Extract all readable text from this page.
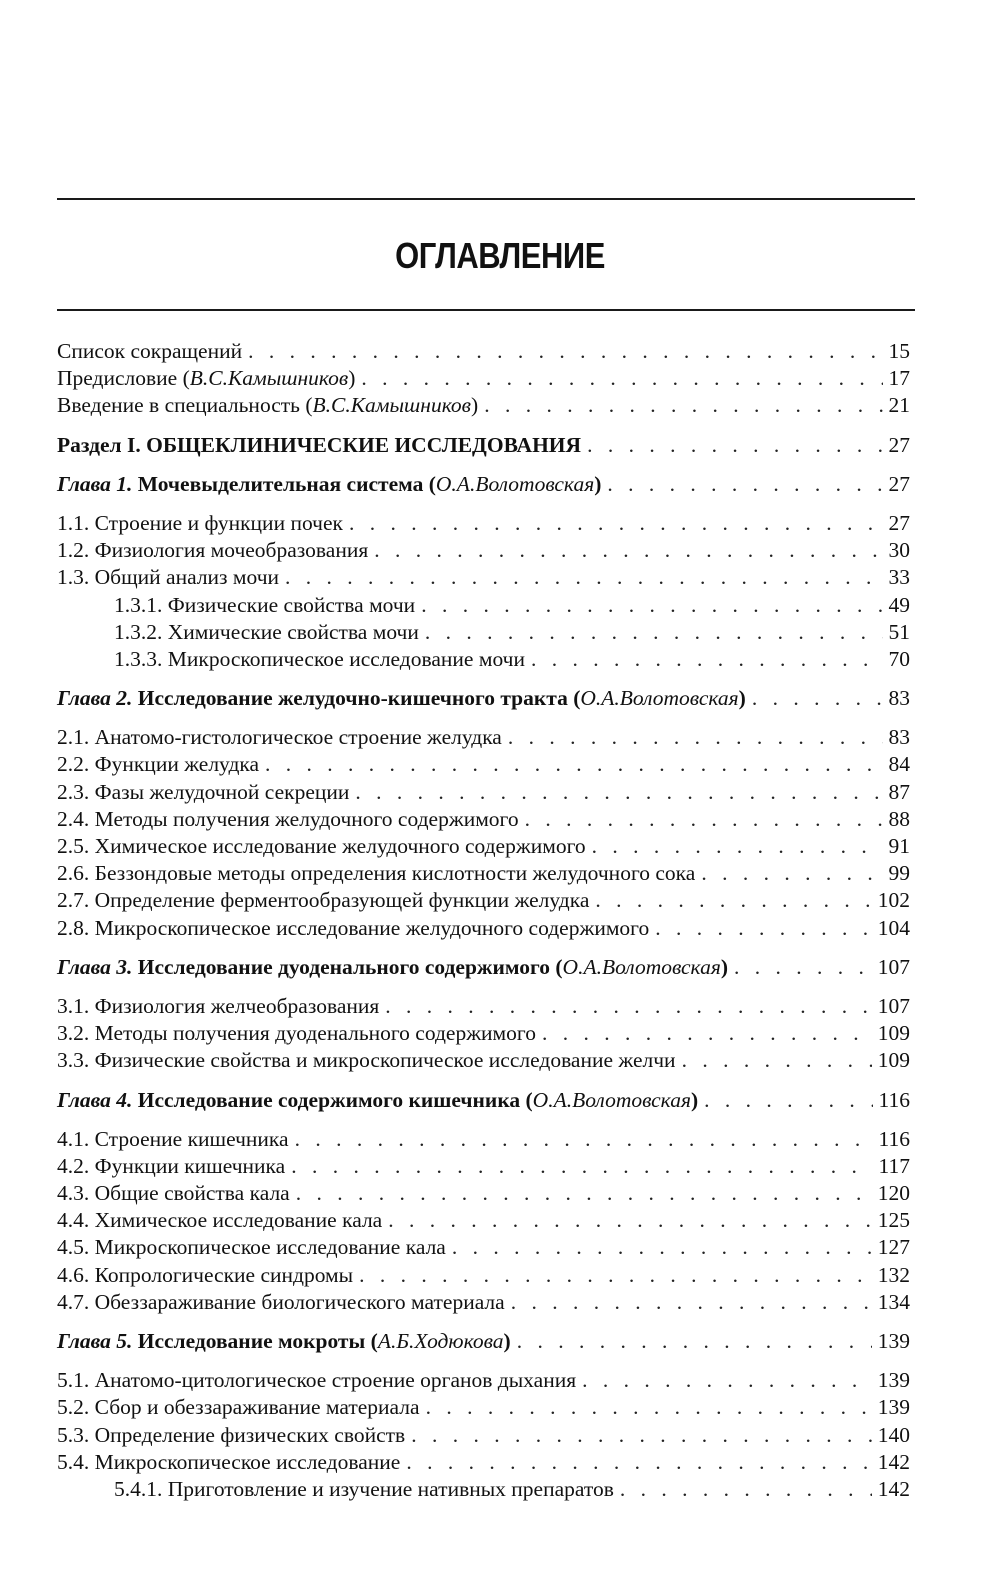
ОГЛАВЛЕНИЕ
Список сокращений . . .	15
Предисловие (В.С.Камышников) . . .	17
Введение в специальность (В.С.Камышников) . . .	21
Раздел I. ОБЩЕКЛИНИЧЕСКИЕ ИССЛЕДОВАНИЯ . . .	27
Глава 1. Мочевыделительная система (О.А.Волотовская) . . .	27
1.1. Строение и функции почек . . .	27
1.2. Физиология мочеобразования . . .	30
1.3. Общий анализ мочи . . .	33
1.3.1. Физические свойства мочи . . .	49
1.3.2. Химические свойства мочи . . .	51
1.3.3. Микроскопическое исследование мочи . . .	70
Глава 2. Исследование желудочно-кишечного тракта (О.А.Волотовская) . . .	83
2.1. Анатомо-гистологическое строение желудка . . .	83
2.2. Функции желудка . . .	84
2.3. Фазы желудочной секреции . . .	87
2.4. Методы получения желудочного содержимого . . .	88
2.5. Химическое исследование желудочного содержимого . . .	91
2.6. Беззондовые методы определения кислотности желудочного сока . . .	99
2.7. Определение ферментообразующей функции желудка . . .	102
2.8. Микроскопическое исследование желудочного содержимого . . .	104
Глава 3. Исследование дуоденального содержимого (О.А.Волотовская) . . .	107
3.1. Физиология желчеобразования . . .	107
3.2. Методы получения дуоденального содержимого . . .	109
3.3. Физические свойства и микроскопическое исследование желчи . . .	109
Глава 4. Исследование содержимого кишечника (О.А.Волотовская) . . .	116
4.1. Строение кишечника . . .	116
4.2. Функции кишечника . . .	117
4.3. Общие свойства кала . . .	120
4.4. Химическое исследование кала . . .	125
4.5. Микроскопическое исследование кала . . .	127
4.6. Копрологические синдромы . . .	132
4.7. Обеззараживание биологического материала . . .	134
Глава 5. Исследование мокроты (А.Б.Ходюкова) . . .	139
5.1. Анатомо-цитологическое строение органов дыхания . . .	139
5.2. Сбор и обеззараживание материала . . .	139
5.3. Определение физических свойств . . .	140
5.4. Микроскопическое исследование . . .	142
5.4.1. Приготовление и изучение нативных препаратов . . .	142
